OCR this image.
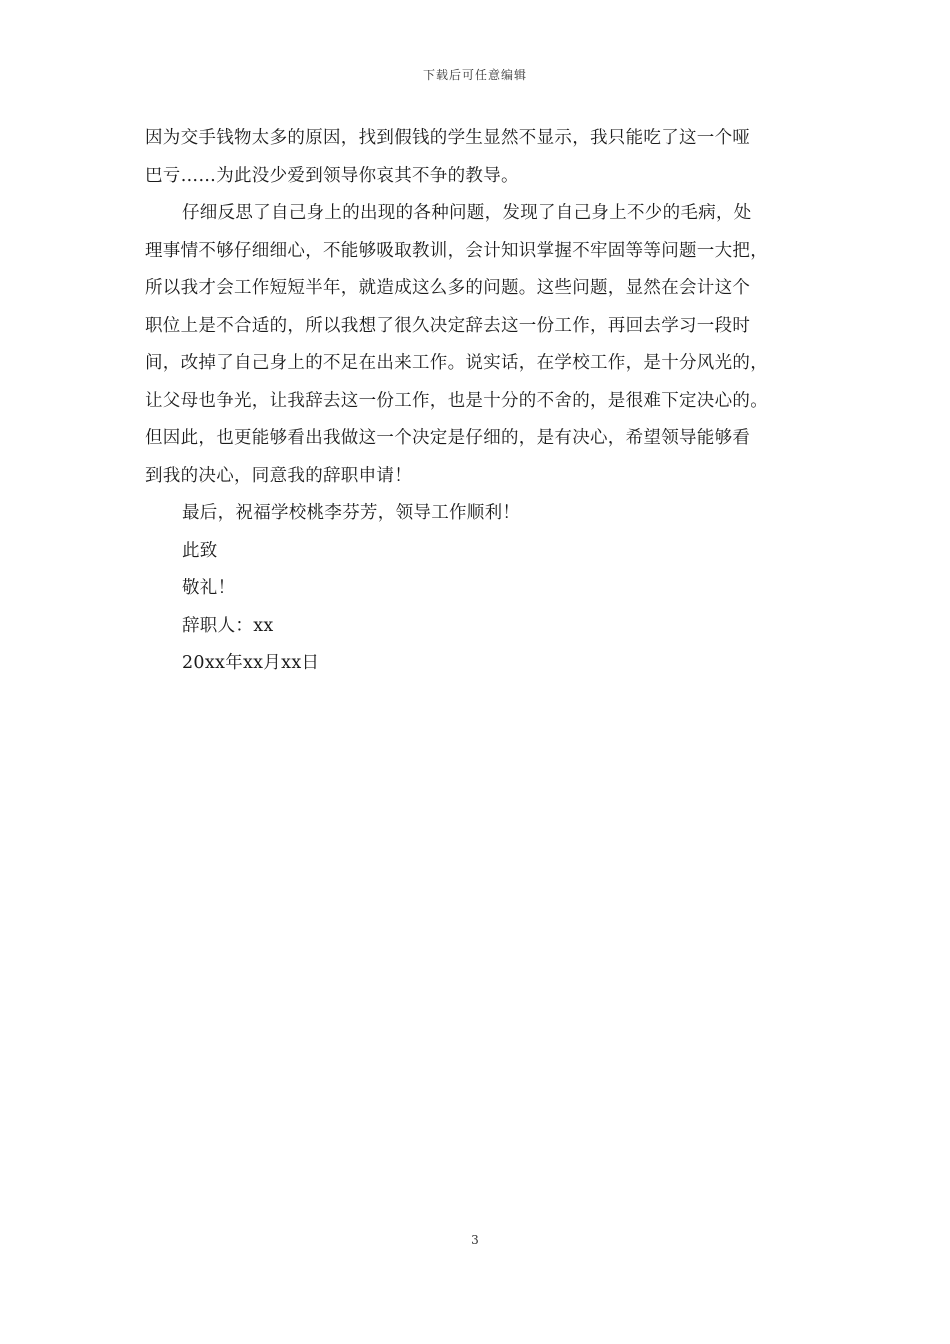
下载后可任意编辑
因为交手钱物太多的原因，找到假钱的学生显然不显示，我只能吃了这一个哑
巴亏……为此没少爱到领导你哀其不争的教导。
仔细反思了自己身上的出现的各种问题，发现了自己身上不少的毛病，处
理事情不够仔细细心，不能够吸取教训，会计知识掌握不牢固等等问题一大把，
所以我才会工作短短半年，就造成这么多的问题。这些问题，显然在会计这个
职位上是不合适的，所以我想了很久决定辞去这一份工作，再回去学习一段时
间，改掉了自己身上的不足在出来工作。说实话，在学校工作，是十分风光的，
让父母也争光，让我辞去这一份工作，也是十分的不舍的，是很难下定决心的。
但因此，也更能够看出我做这一个决定是仔细的，是有决心，希望领导能够看
到我的决心，同意我的辞职申请！
最后，祝福学校桃李芬芳，领导工作顺利！
此致
敬礼！
辞职人：xx
20xx年xx月xx日
3
